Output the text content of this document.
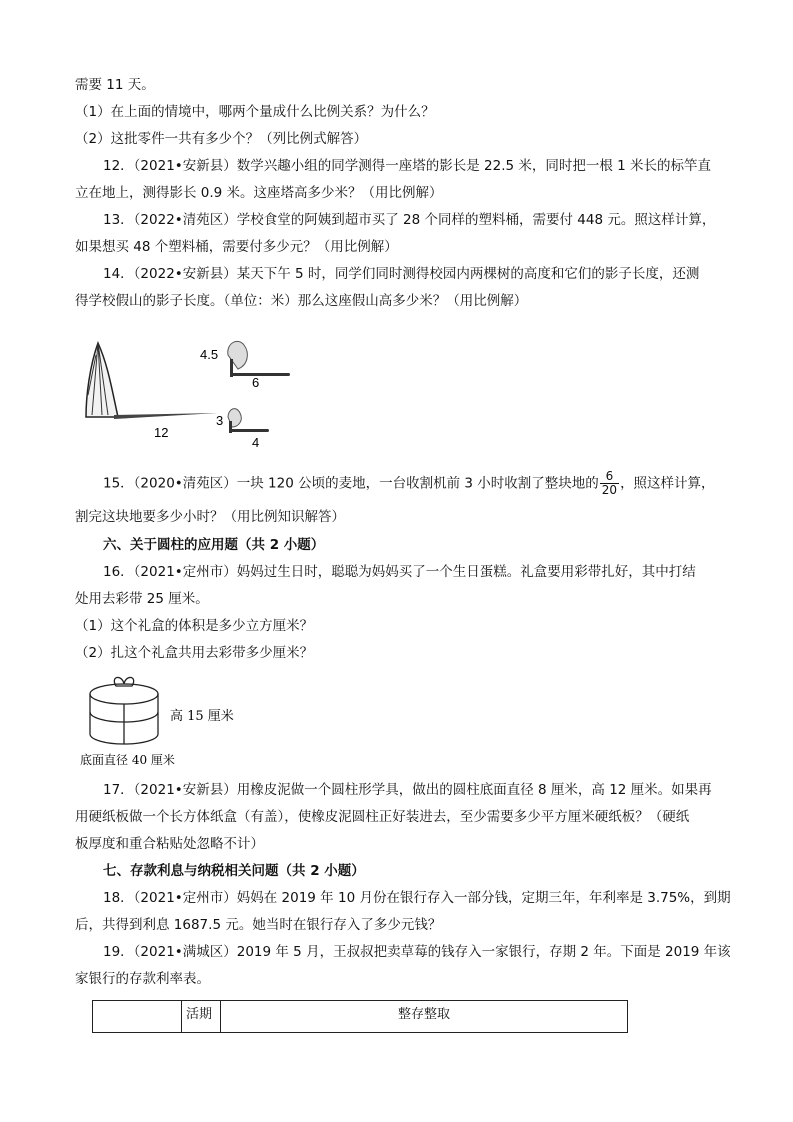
需要 11 天。
（1）在上面的情境中，哪两个量成什么比例关系？为什么？
（2）这批零件一共有多少个？（列比例式解答）
12．（2021•安新县）数学兴趣小组的同学测得一座塔的影长是 22.5 米，同时把一根 1 米长的标竿直
立在地上，测得影长 0.9 米。这座塔高多少米？（用比例解）
13．（2022•清苑区）学校食堂的阿姨到超市买了 28 个同样的塑料桶，需要付 448 元。照这样计算，
如果想买 48 个塑料桶，需要付多少元？（用比例解）
14．（2022•安新县）某天下午 5 时，同学们同时测得校园内两棵树的高度和它们的影子长度，还测
得学校假山的影子长度。（单位：米）那么这座假山高多少米？（用比例解）
12
4.5
6
3
4
15．（2020•清苑区）一块 120 公顷的麦地，一台收割机前 3 小时收割了整块地的 $\frac{6}{20}$ ，照这样计算，
割完这块地要多少小时？（用比例知识解答）
六、关于圆柱的应用题（共 2 小题）
16．（2021•定州市）妈妈过生日时，聪聪为妈妈买了一个生日蛋糕。礼盒要用彩带扎好，其中打结
处用去彩带 25 厘米。
（1）这个礼盒的体积是多少立方厘米？
（2）扎这个礼盒共用去彩带多少厘米？
高 15 厘米
底面直径 40 厘米
17．（2021•安新县）用橡皮泥做一个圆柱形学具，做出的圆柱底面直径 8 厘米，高 12 厘米。如果再
用硬纸板做一个长方体纸盒（有盖），使橡皮泥圆柱正好装进去，至少需要多少平方厘米硬纸板？（硬纸
板厚度和重合粘贴处忽略不计）
七、存款利息与纳税相关问题（共 2 小题）
18．（2021•定州市）妈妈在 2019 年 10 月份在银行存入一部分钱，定期三年，年利率是 3.75%，到期
后，共得到利息 1687.5 元。她当时在银行存入了多少元钱？
19．（2021•满城区）2019 年 5 月，王叔叔把卖草莓的钱存入一家银行，存期 2 年。下面是 2019 年该
家银行的存款利率表。
	活期	整存整取
